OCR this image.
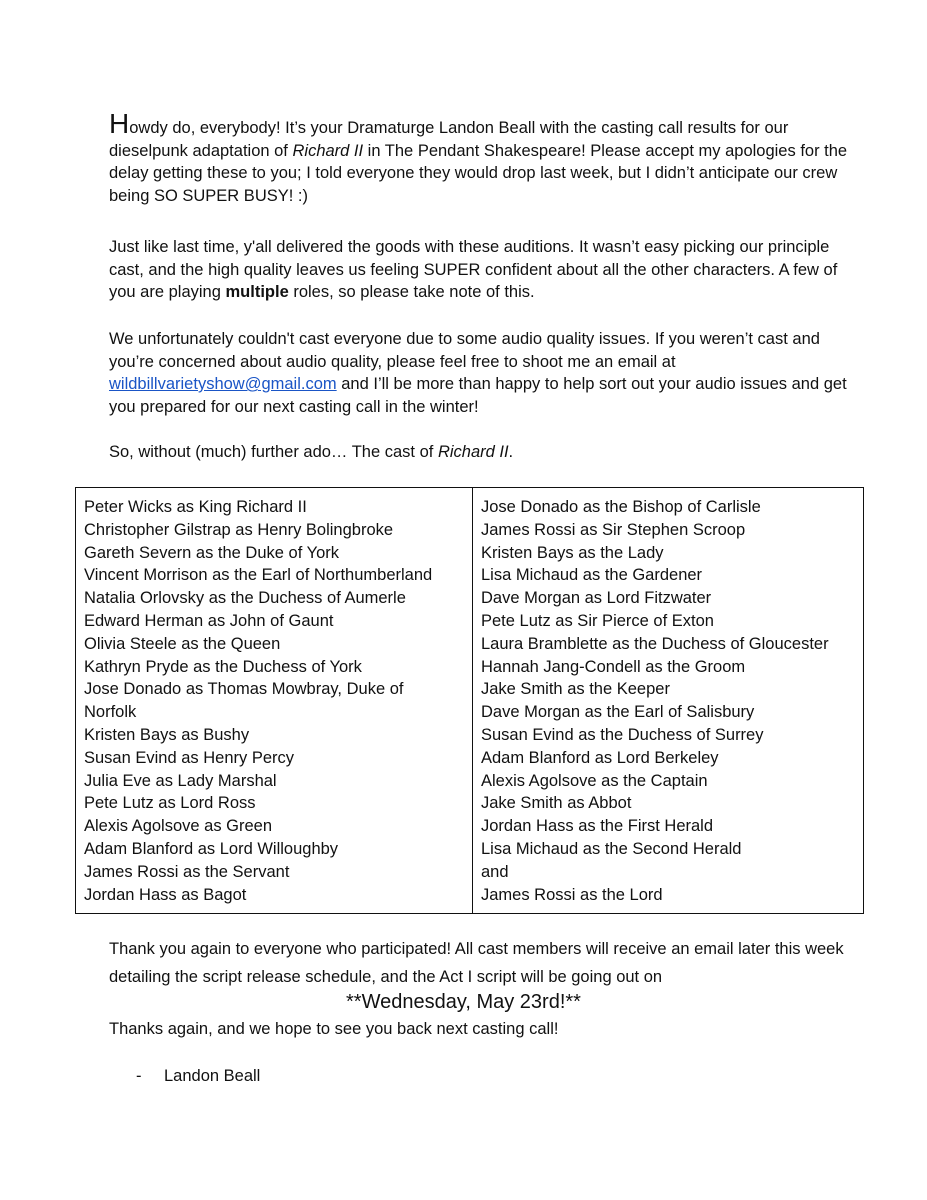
Howdy do, everybody! It’s your Dramaturge Landon Beall with the casting call results for our dieselpunk adaptation of Richard II in The Pendant Shakespeare! Please accept my apologies for the delay getting these to you; I told everyone they would drop last week, but I didn’t anticipate our crew being SO SUPER BUSY! :)

Just like last time, y'all delivered the goods with these auditions. It wasn’t easy picking our principle cast, and the high quality leaves us feeling SUPER confident about all the other characters. A few of you are playing multiple roles, so please take note of this.

We unfortunately couldn't cast everyone due to some audio quality issues. If you weren’t cast and you’re concerned about audio quality, please feel free to shoot me an email at wildbillvarietyshow@gmail.com and I’ll be more than happy to help sort out your audio issues and get you prepared for our next casting call in the winter!

So, without (much) further ado… The cast of Richard II.

Peter Wicks as King Richard II
Christopher Gilstrap as Henry Bolingbroke
Gareth Severn as the Duke of York
Vincent Morrison as the Earl of Northumberland
Natalia Orlovsky as the Duchess of Aumerle
Edward Herman as John of Gaunt
Olivia Steele as the Queen
Kathryn Pryde as the Duchess of York
Jose Donado as Thomas Mowbray, Duke of Norfolk
Kristen Bays as Bushy
Susan Evind as Henry Percy
Julia Eve as Lady Marshal
Pete Lutz as Lord Ross
Alexis Agolsove as Green
Adam Blanford as Lord Willoughby
James Rossi as the Servant
Jordan Hass as Bagot
Jose Donado as the Bishop of Carlisle
James Rossi as Sir Stephen Scroop
Kristen Bays as the Lady
Lisa Michaud as the Gardener
Dave Morgan as Lord Fitzwater
Pete Lutz as Sir Pierce of Exton
Laura Bramblette as the Duchess of Gloucester
Hannah Jang-Condell as the Groom
Jake Smith as the Keeper
Dave Morgan as the Earl of Salisbury
Susan Evind as the Duchess of Surrey
Adam Blanford as Lord Berkeley
Alexis Agolsove as the Captain
Jake Smith as Abbot
Jordan Hass as the First Herald
Lisa Michaud as the Second Herald
and
James Rossi as the Lord

Thank you again to everyone who participated! All cast members will receive an email later this week detailing the script release schedule, and the Act I script will be going out on

**Wednesday, May 23rd!**

Thanks again, and we hope to see you back next casting call!

- Landon Beall
